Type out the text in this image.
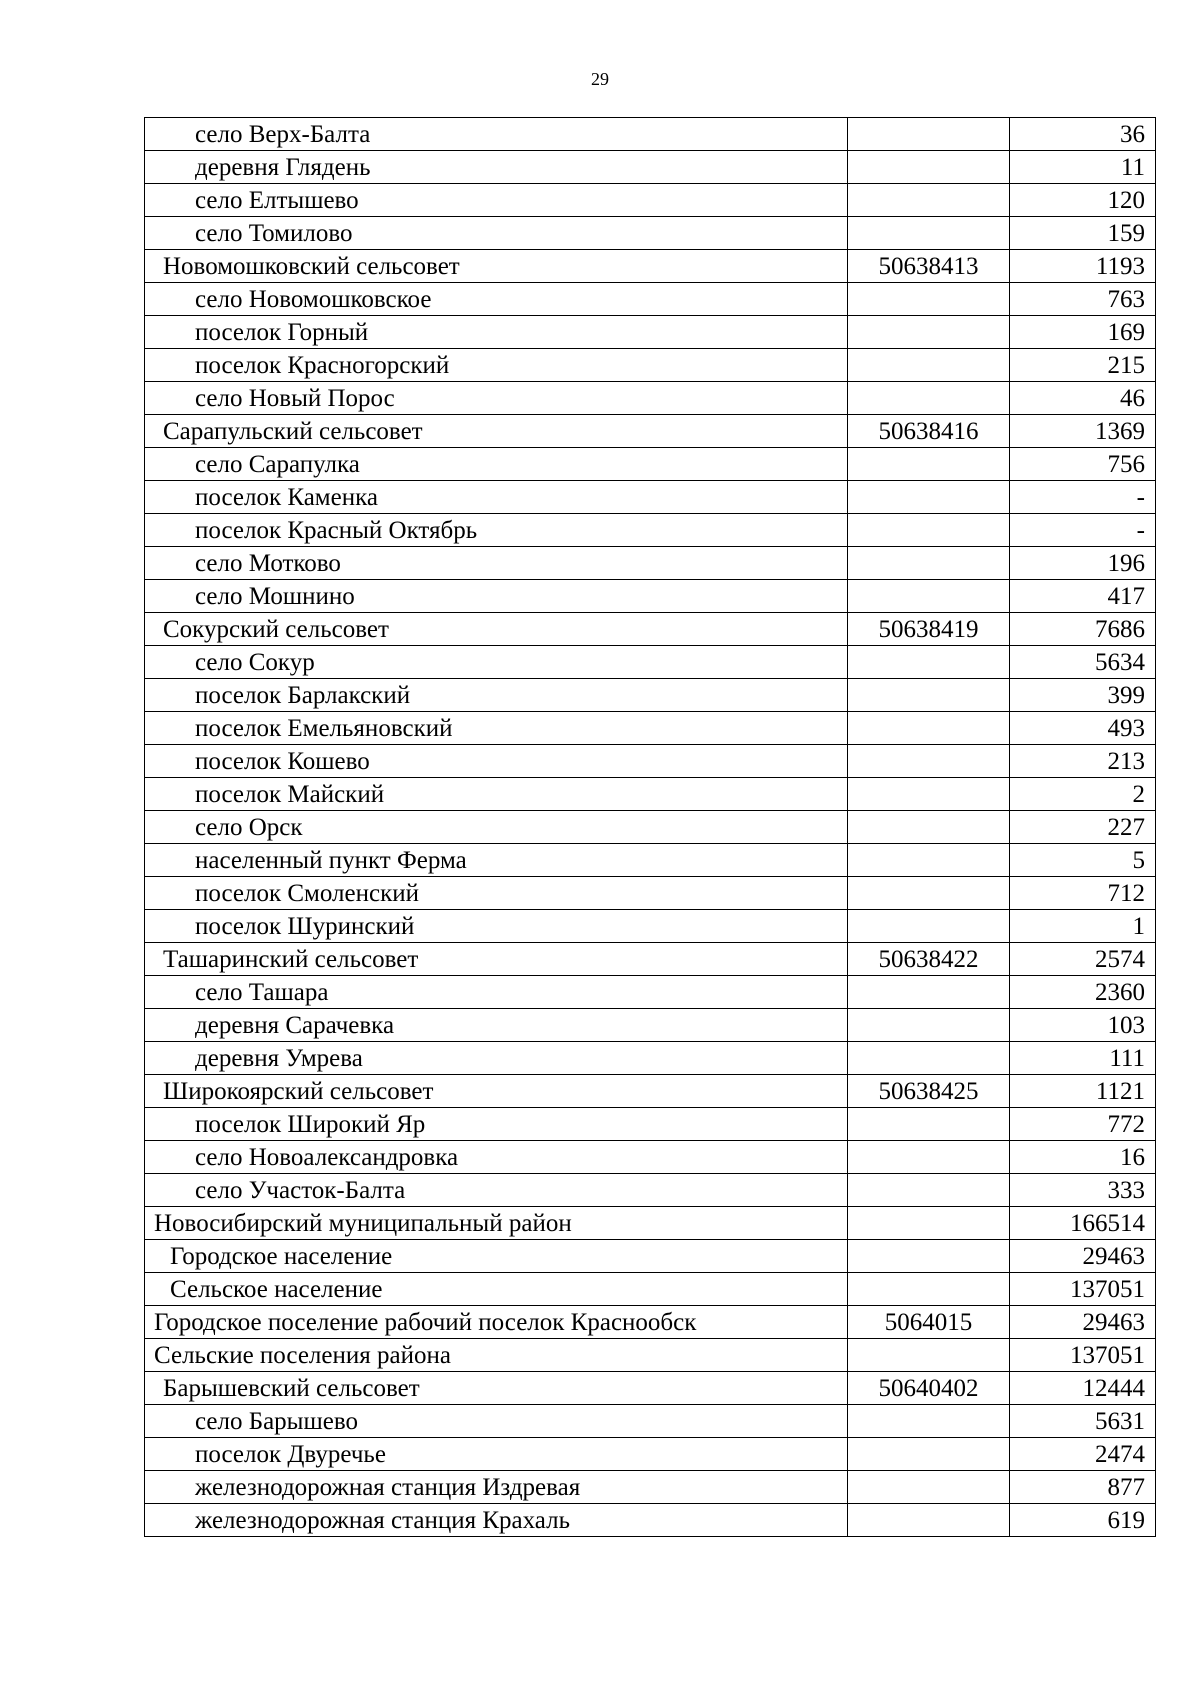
29
село Верх-Балта		36
деревня Глядень		11
село Елтышево		120
село Томилово		159
Новомошковский сельсовет	50638413	1193
село Новомошковское		763
поселок Горный		169
поселок Красногорский		215
село Новый Порос		46
Сарапульский сельсовет	50638416	1369
село Сарапулка		756
поселок Каменка		-
поселок Красный Октябрь		-
село Мотково		196
село Мошнино		417
Сокурский сельсовет	50638419	7686
село Сокур		5634
поселок Барлакский		399
поселок Емельяновский		493
поселок Кошево		213
поселок Майский		2
село Орск		227
населенный пункт Ферма		5
поселок Смоленский		712
поселок Шуринский		1
Ташаринский сельсовет	50638422	2574
село Ташара		2360
деревня Сарачевка		103
деревня Умрева		111
Широкоярский сельсовет	50638425	1121
поселок Широкий Яр		772
село Новоалександровка		16
село Участок-Балта		333
Новосибирский муниципальный район		166514
Городское население		29463
Сельское население		137051
Городское поселение рабочий поселок Краснообск	5064015	29463
Сельские поселения района		137051
Барышевский сельсовет	50640402	12444
село Барышево		5631
поселок Двуречье		2474
железнодорожная станция Издревая		877
железнодорожная станция Крахаль		619
